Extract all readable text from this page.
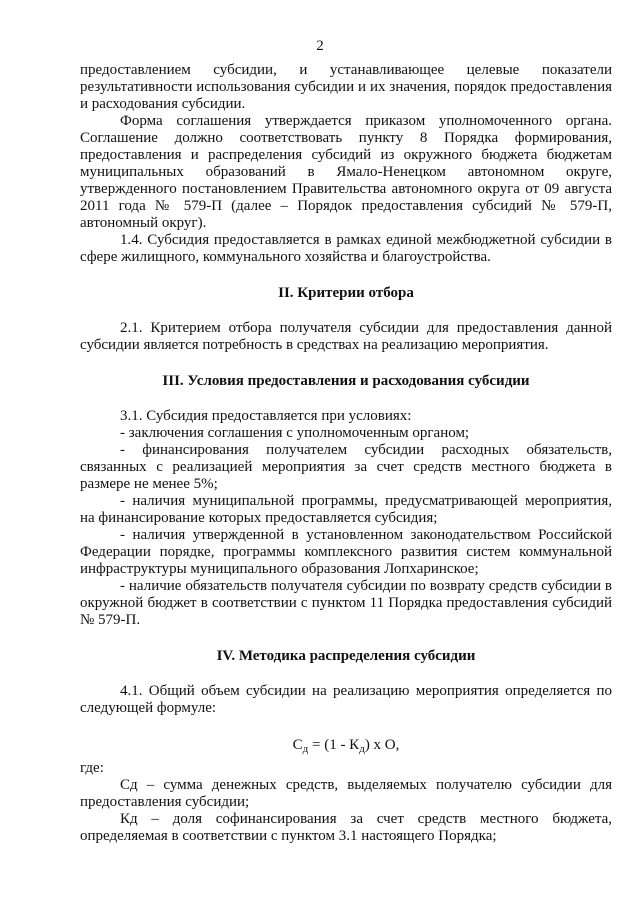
2

предоставлением субсидии, и устанавливающее целевые показатели результативности использования субсидии и их значения, порядок предоставления и расходования субсидии.

Форма соглашения утверждается приказом уполномоченного органа. Соглашение должно соответствовать пункту 8 Порядка формирования, предоставления и распределения субсидий из окружного бюджета бюджетам муниципальных образований в Ямало-Ненецком автономном округе, утвержденного постановлением Правительства автономного округа от 09 августа 2011 года № 579-П (далее – Порядок предоставления субсидий № 579-П, автономный округ).

1.4. Субсидия предоставляется в рамках единой межбюджетной субсидии в сфере жилищного, коммунального хозяйства и благоустройства.

II. Критерии отбора

2.1. Критерием отбора получателя субсидии для предоставления данной субсидии является потребность в средствах на реализацию мероприятия.

III. Условия предоставления и расходования субсидии

3.1. Субсидия предоставляется при условиях:

- заключения соглашения с уполномоченным органом;

- финансирования получателем субсидии расходных обязательств, связанных с реализацией мероприятия за счет средств местного бюджета в размере не менее 5%;

- наличия муниципальной программы, предусматривающей мероприятия, на финансирование которых предоставляется субсидия;

- наличия утвержденной в установленном законодательством Российской Федерации порядке, программы комплексного развития систем коммунальной инфраструктуры муниципального образования Лопхаринское;

- наличие обязательств получателя субсидии по возврату средств субсидии в окружной бюджет в соответствии с пунктом 11 Порядка предоставления субсидий № 579-П.

IV. Методика распределения субсидии

4.1. Общий объем субсидии на реализацию мероприятия определяется по следующей формуле:

$С_д = (1 - К_д)$ х О,

где:

Сд – сумма денежных средств, выделяемых получателю субсидии для предоставления субсидии;

Кд – доля софинансирования за счет средств местного бюджета, определяемая в соответствии с пунктом 3.1 настоящего Порядка;
